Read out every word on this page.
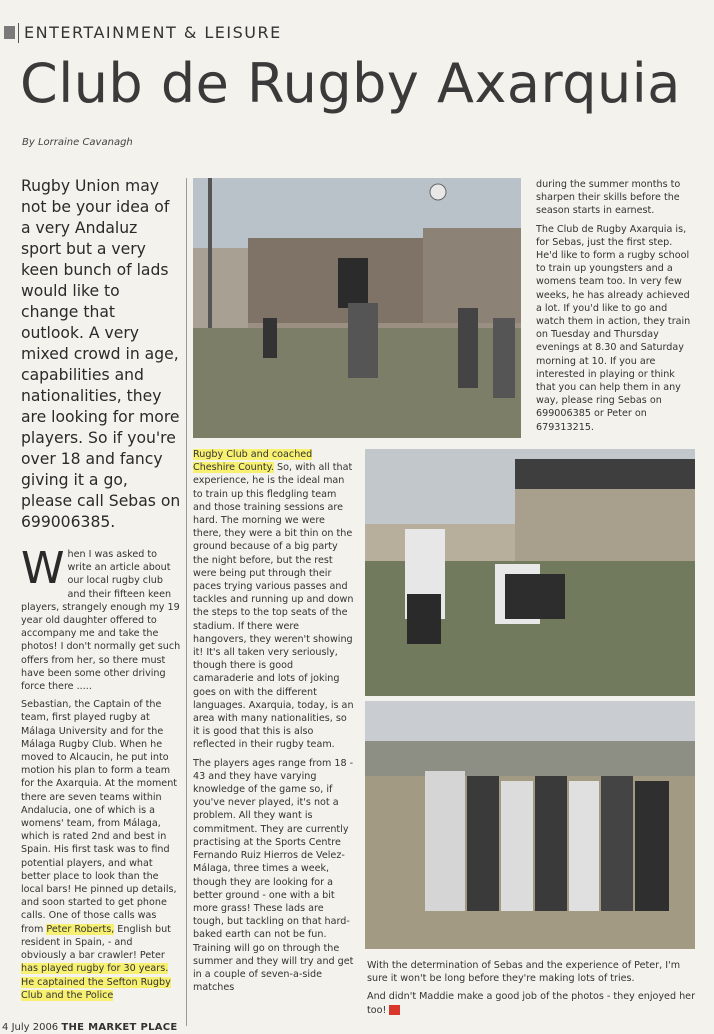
ENTERTAINMENT & LEISURE
Club de Rugby Axarquia
By Lorraine Cavanagh
Rugby Union may not be your idea of a very Andaluz sport but a very keen bunch of lads would like to change that outlook. A very mixed crowd in age, capabilities and nationalities, they are looking for more players. So if you're over 18 and fancy giving it a go, please call Sebas on 699006385.

When I was asked to write an article about our local rugby club and their fifteen keen players, strangely enough my 19 year old daughter offered to accompany me and take the photos! I don't normally get such offers from her, so there must have been some other driving force there .....

Sebastian, the Captain of the team, first played rugby at Málaga University and for the Málaga Rugby Club. When he moved to Alcaucin, he put into motion his plan to form a team for the Axarquia. At the moment there are seven teams within Andalucia, one of which is a womens' team, from Málaga, which is rated 2nd and best in Spain. His first task was to find potential players, and what better place to look than the local bars! He pinned up details, and soon started to get phone calls. One of those calls was from Peter Roberts, English but resident in Spain, - and obviously a bar crawler! Peter has played rugby for 30 years. He captained the Sefton Rugby Club and the Police

Rugby Club and coached Cheshire County. So, with all that experience, he is the ideal man to train up this fledgling team and those training sessions are hard. The morning we were there, they were a bit thin on the ground because of a big party the night before, but the rest were being put through their paces trying various passes and tackles and running up and down the steps to the top seats of the stadium. If there were hangovers, they weren't showing it! It's all taken very seriously, though there is good camaraderie and lots of joking goes on with the different languages. Axarquia, today, is an area with many nationalities, so it is good that this is also reflected in their rugby team.

The players ages range from 18 - 43 and they have varying knowledge of the game so, if you've never played, it's not a problem. All they want is commitment. They are currently practising at the Sports Centre Fernando Ruiz Hierros de Velez-Málaga, three times a week, though they are looking for a better ground - one with a bit more grass! These lads are tough, but tackling on that hard-baked earth can not be fun. Training will go on through the summer and they will try and get in a couple of seven-a-side matches

during the summer months to sharpen their skills before the season starts in earnest.

The Club de Rugby Axarquia is, for Sebas, just the first step. He'd like to form a rugby school to train up youngsters and a womens team too. In very few weeks, he has already achieved a lot. If you'd like to go and watch them in action, they train on Tuesday and Thursday evenings at 8.30 and Saturday morning at 10. If you are interested in playing or think that you can help them in any way, please ring Sebas on 699006385 or Peter on 679313215.

With the determination of Sebas and the experience of Peter, I'm sure it won't be long before they're making lots of tries.

And didn't Maddie make a good job of the photos - they enjoyed her too!

4 July 2006 THE MARKET PLACE
